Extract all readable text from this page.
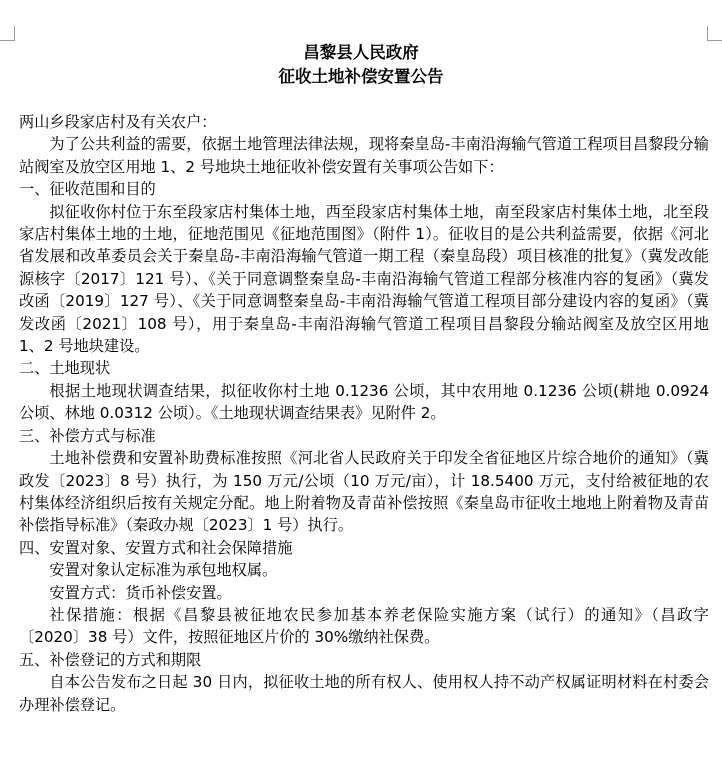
昌黎县人民政府
征收土地补偿安置公告

两山乡段家店村及有关农户：

为了公共利益的需要，依据土地管理法律法规，现将秦皇岛-丰南沿海输气管道工程项目昌黎段分输站阀室及放空区用地 1、2 号地块土地征收补偿安置有关事项公告如下：

一、征收范围和目的

拟征收你村位于东至段家店村集体土地，西至段家店村集体土地，南至段家店村集体土地，北至段家店村集体土地的土地，征地范围见《征地范围图》（附件 1）。征收目的是公共利益需要，依据《河北省发展和改革委员会关于秦皇岛-丰南沿海输气管道一期工程（秦皇岛段）项目核准的批复》（冀发改能源核字〔2017〕121 号）、《关于同意调整秦皇岛-丰南沿海输气管道工程部分核准内容的复函》（冀发改函〔2019〕127 号）、《关于同意调整秦皇岛-丰南沿海输气管道工程项目部分建设内容的复函》（冀发改函〔2021〕108 号），用于秦皇岛-丰南沿海输气管道工程项目昌黎段分输站阀室及放空区用地 1、2 号地块建设。

二、土地现状

根据土地现状调查结果，拟征收你村土地 0.1236 公顷，其中农用地 0.1236 公顷(耕地 0.0924 公顷、林地 0.0312 公顷）。《土地现状调查结果表》见附件 2。

三、补偿方式与标准

土地补偿费和安置补助费标准按照《河北省人民政府关于印发全省征地区片综合地价的通知》（冀政发〔2023〕8 号）执行，为 150 万元/公顷（10 万元/亩），计 18.5400 万元，支付给被征地的农村集体经济组织后按有关规定分配。地上附着物及青苗补偿按照《秦皇岛市征收土地地上附着物及青苗补偿指导标准》（秦政办规〔2023〕1 号）执行。

四、安置对象、安置方式和社会保障措施

安置对象认定标准为承包地权属。

安置方式：货币补偿安置。

社保措施：根据《昌黎县被征地农民参加基本养老保险实施方案（试行）的通知》（昌政字〔2020〕38 号）文件，按照征地区片价的 30%缴纳社保费。

五、补偿登记的方式和期限

自本公告发布之日起 30 日内，拟征收土地的所有权人、使用权人持不动产权属证明材料在村委会办理补偿登记。
